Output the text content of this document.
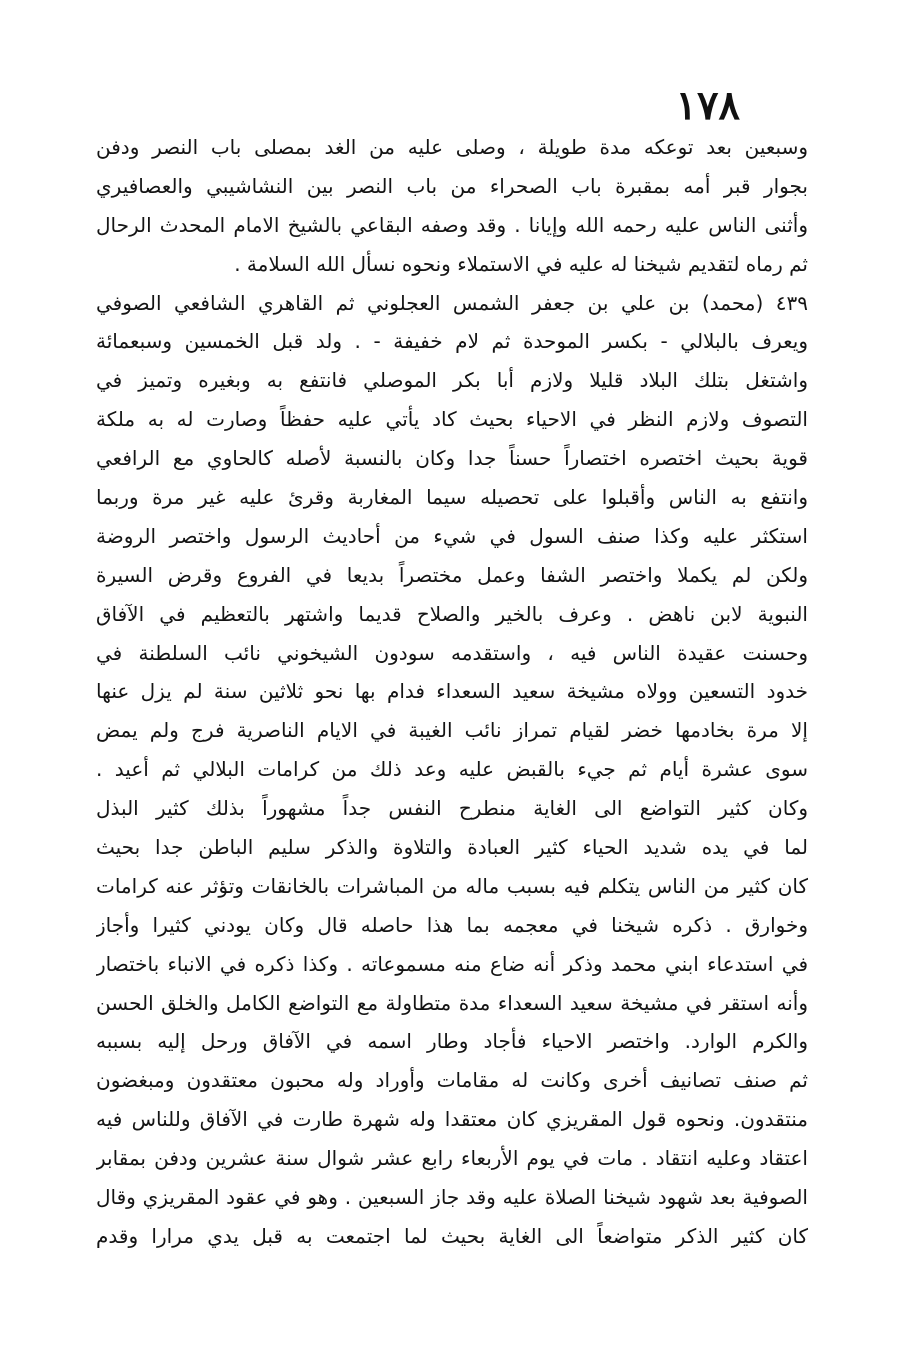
١٧٨
وسبعين بعد توعكه مدة طويلة ، وصلى عليه من الغد بمصلى باب النصر ودفن
بجوار قبر أمه بمقبرة باب الصحراء من باب النصر بين النشاشيبي والعصافيري
وأثنى الناس عليه رحمه الله وإيانا . وقد وصفه البقاعي بالشيخ الامام المحدث الرحال
ثم رماه لتقديم شيخنا له عليه في الاستملاء ونحوه نسأل الله السلامة .
٤٣٩ (محمد) بن علي بن جعفر الشمس العجلوني ثم القاهري الشافعي الصوفي
ويعرف بالبلالي - بكسر الموحدة ثم لام خفيفة - . ولد قبل الخمسين وسبعمائة
واشتغل بتلك البلاد قليلا ولازم أبا بكر الموصلي فانتفع به وبغيره وتميز في
التصوف ولازم النظر في الاحياء بحيث كاد يأتي عليه حفظاً وصارت له به ملكة
قوية بحيث اختصره اختصاراً حسناً جدا وكان بالنسبة لأصله كالحاوي مع الرافعي
وانتفع به الناس وأقبلوا على تحصيله سيما المغاربة وقرئ عليه غير مرة وربما
استكثر عليه وكذا صنف السول في شيء من أحاديث الرسول واختصر الروضة
ولكن لم يكملا واختصر الشفا وعمل مختصراً بديعا في الفروع وقرض السيرة
النبوية لابن ناهض . وعرف بالخير والصلاح قديما واشتهر بالتعظيم في الآفاق
وحسنت عقيدة الناس فيه ، واستقدمه سودون الشيخوني نائب السلطنة في
خدود التسعين وولاه مشيخة سعيد السعداء فدام بها نحو ثلاثين سنة لم يزل عنها
إلا مرة بخادمها خضر لقيام تمراز نائب الغيبة في الايام الناصرية فرج ولم يمض
سوى عشرة أيام ثم جيء بالقبض عليه وعد ذلك من كرامات البلالي ثم أعيد .
وكان كثير التواضع الى الغاية منطرح النفس جداً مشهوراً بذلك كثير البذل
لما في يده شديد الحياء كثير العبادة والتلاوة والذكر سليم الباطن جدا بحيث
كان كثير من الناس يتكلم فيه بسبب ماله من المباشرات بالخانقات وتؤثر عنه كرامات
وخوارق . ذكره شيخنا في معجمه بما هذا حاصله قال وكان يودني كثيرا وأجاز
في استدعاء ابني محمد وذكر أنه ضاع منه مسموعاته . وكذا ذكره في الانباء باختصار
وأنه استقر في مشيخة سعيد السعداء مدة متطاولة مع التواضع الكامل والخلق الحسن
والكرم الوارد. واختصر الاحياء فأجاد وطار اسمه في الآفاق ورحل إليه بسببه
ثم صنف تصانيف أخرى وكانت له مقامات وأوراد وله محبون معتقدون ومبغضون
منتقدون. ونحوه قول المقريزي كان معتقدا وله شهرة طارت في الآفاق وللناس فيه
اعتقاد وعليه انتقاد . مات في يوم الأربعاء رابع عشر شوال سنة عشرين ودفن بمقابر
الصوفية بعد شهود شيخنا الصلاة عليه وقد جاز السبعين . وهو في عقود المقريزي وقال
كان كثير الذكر متواضعاً الى الغاية بحيث لما اجتمعت به قبل يدي مرارا وقدم
